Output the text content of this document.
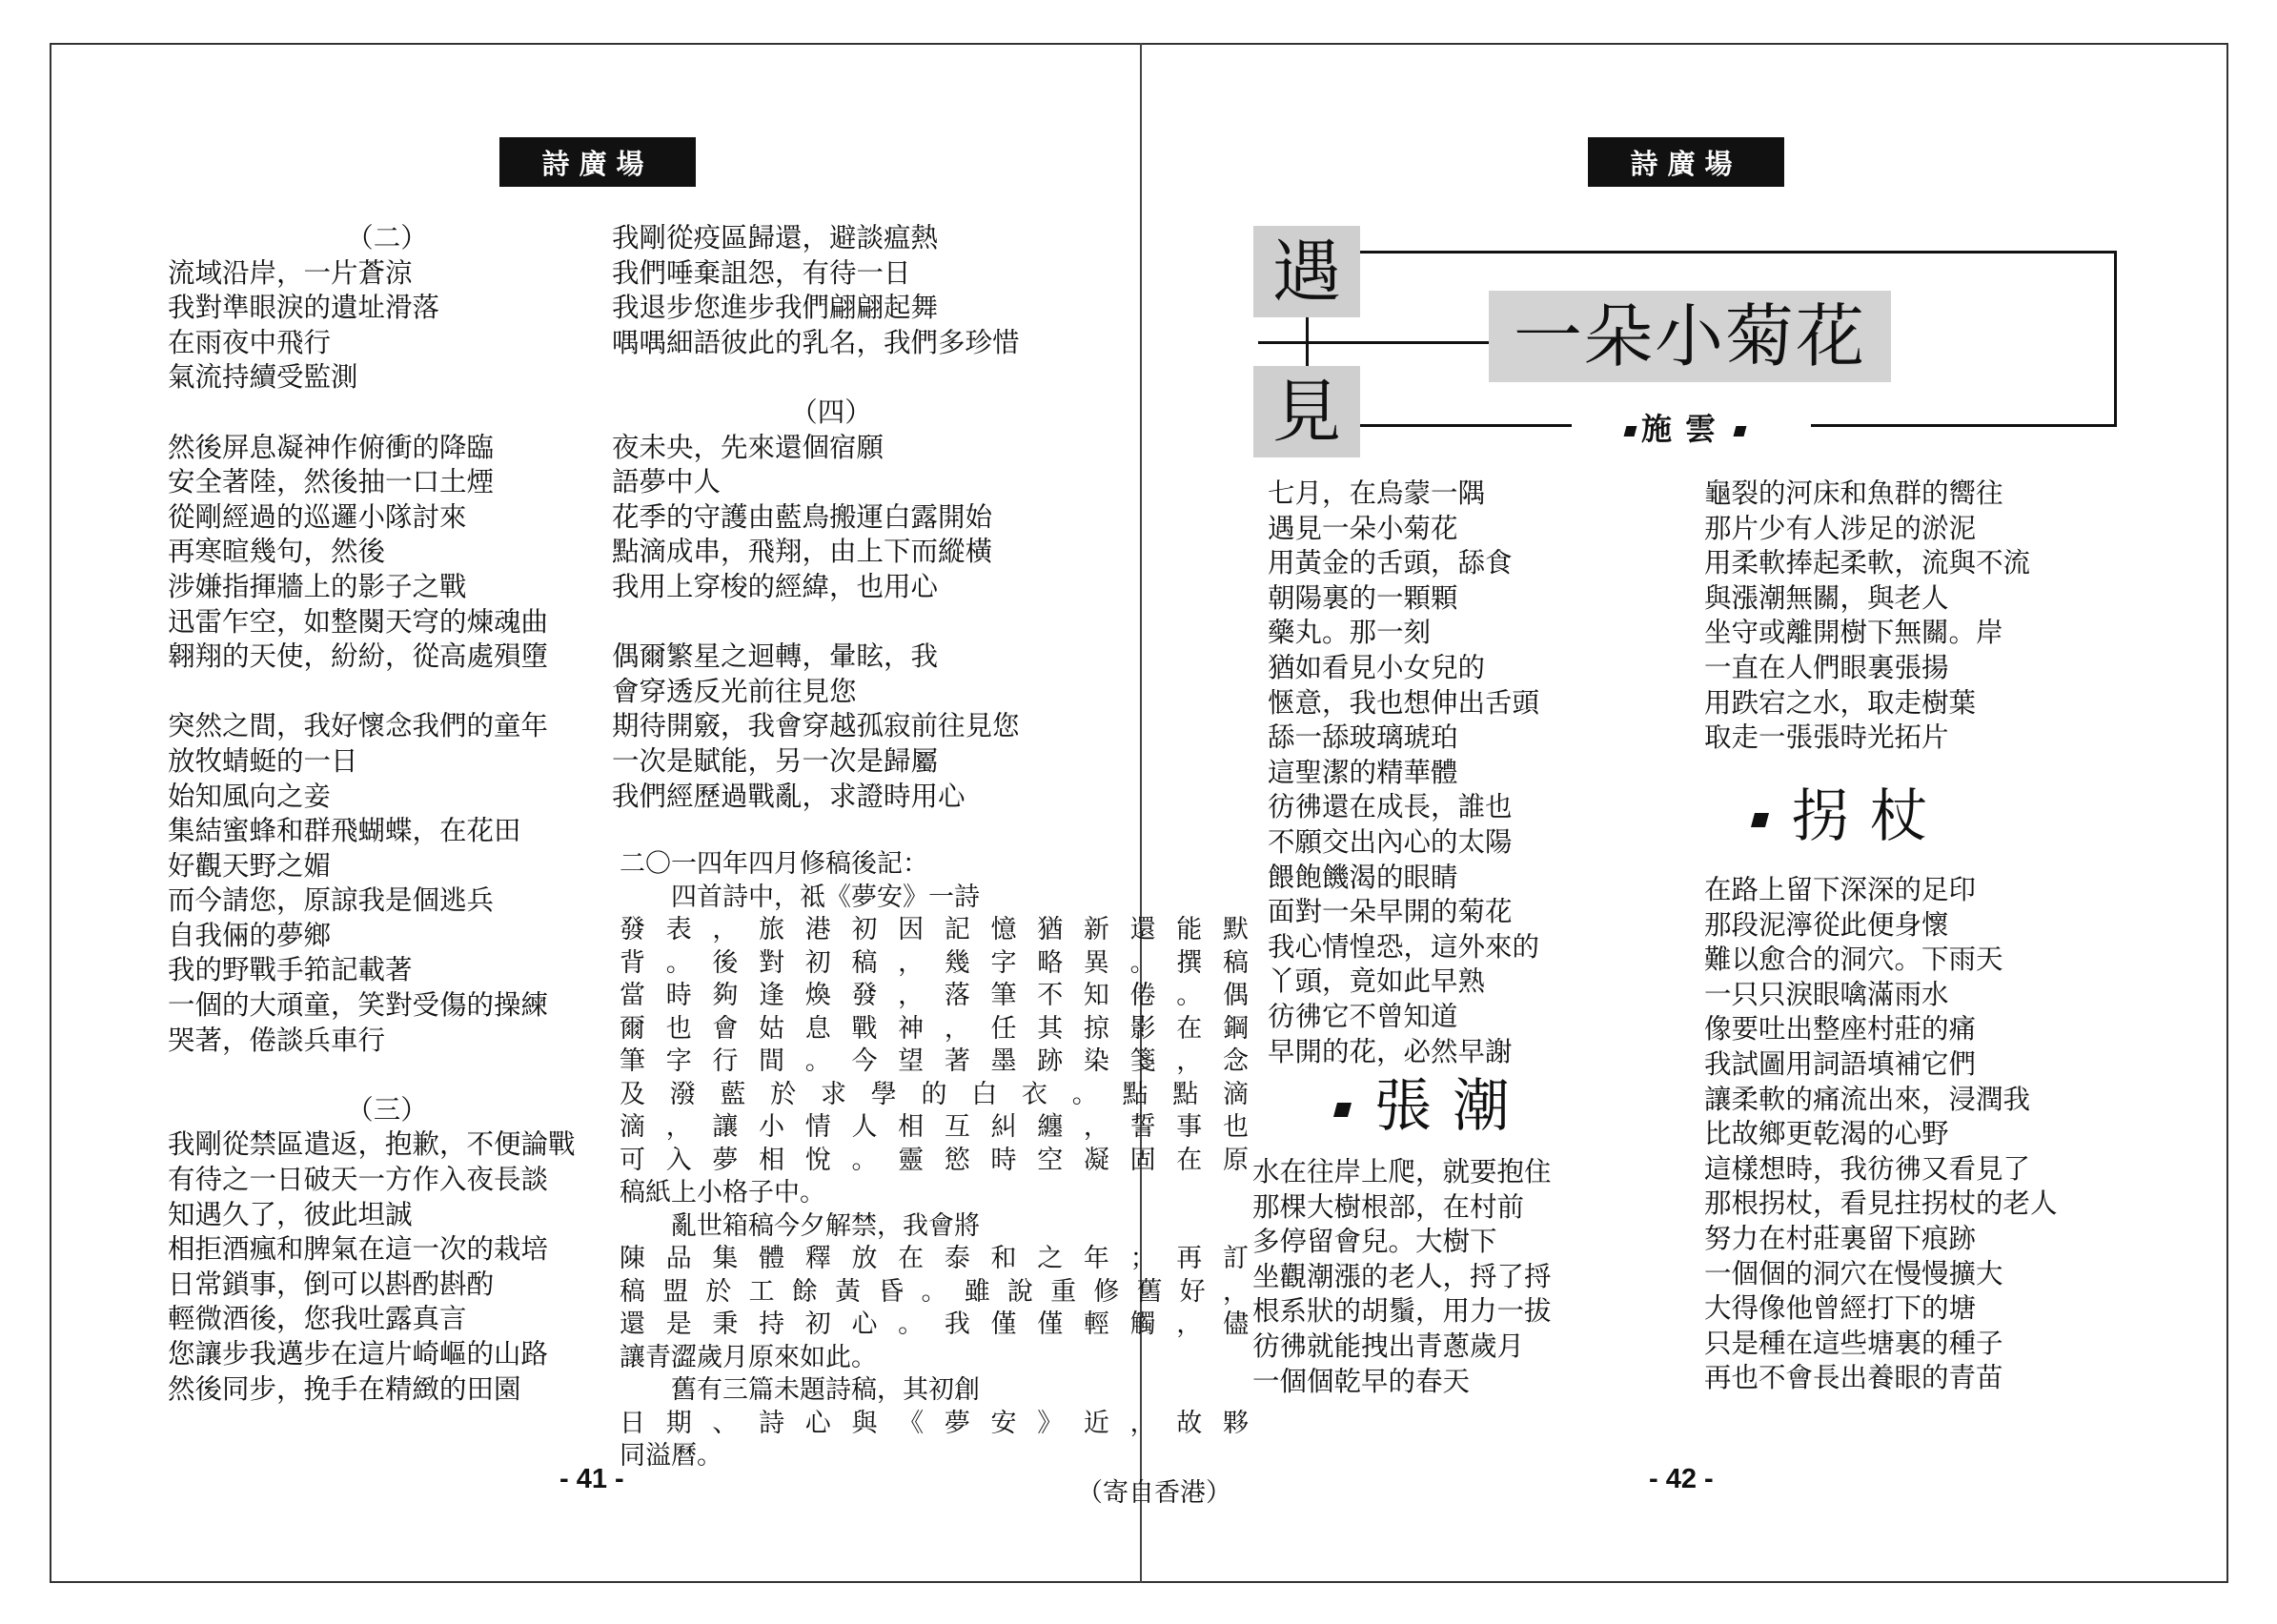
詩廣場	詩廣場
（二）
流域沿岸，一片蒼涼
我對準眼淚的遺址滑落
在雨夜中飛行
氣流持續受監測
然後屏息凝神作俯衝的降臨
安全著陸，然後抽一口土煙
從剛經過的巡邏小隊討來
再寒暄幾句，然後
涉嫌指揮牆上的影子之戰
迅雷乍空，如整闋天穹的煉魂曲
翱翔的天使，紛紛，從高處殞墮
突然之間，我好懷念我們的童年
放牧蜻蜓的一日
始知風向之妾
集結蜜蜂和群飛蝴蝶，在花田
好觀天野之媚
而今請您，原諒我是個逃兵
自我倆的夢鄉
我的野戰手筘記載著
一個的大頑童，笑對受傷的操練
哭著，倦談兵車行
（三）
我剛從禁區遣返，抱歉，不便論戰
有待之一日破天一方作入夜長談
知遇久了，彼此坦誠
相拒酒瘋和脾氣在這一次的栽培
日常鎖事，倒可以斟酌斟酌
輕微酒後，您我吐露真言
您讓步我邁步在這片崎嶇的山路
然後同步，挽手在精緻的田園
我剛從疫區歸還，避談瘟熱
我們唾棄詛怨，有待一日
我退步您進步我們翩翩起舞
喁喁細語彼此的乳名，我們多珍惜
（四）
夜未央，先來還個宿願
語夢中人
花季的守護由藍鳥搬運白露開始
點滴成串，飛翔，由上下而縱橫
我用上穿梭的經緯，也用心
偶爾繁星之迴轉，暈眩，我
會穿透反光前往見您
期待開竅，我會穿越孤寂前往見您
一次是賦能，另一次是歸屬
我們經歷過戰亂，求證時用心
二〇一四年四月修稿後記：
四首詩中，祗《夢安》一詩
發表，旅港初因記憶猶新還能默
背。後對初稿，幾字略異。撰稿
當時夠逢煥發，落筆不知倦。偶
爾也會姑息戰神，任其掠影在鋼
筆字行間。今望著墨跡染箋，念
及 潑 藍 於 求 學 的 白 衣 。 點 點 滴
滴，讓小情人相互糾纏，誓事也
可入夢相悅。靈慾時空凝固在原
稿紙上小格子中。
亂世箱稿今夕解禁，我會將
陳品集體釋放在泰和之年；再訂
稿盟於工餘黃昏。雖說重修舊好，
還是秉持初心。我僅僅輕觸，儘
讓青澀歲月原來如此。
舊有三篇未題詩稿，其初創
日期、詩心與《夢安》近，故夥
同溢曆。
（寄自香港）
- 41 -
遇
見
一朵小菊花
施雲
七月，在烏蒙一隅
遇見一朵小菊花
用黃金的舌頭，舔食
朝陽裏的一顆顆
藥丸。那一刻
猶如看見小女兒的
愜意，我也想伸出舌頭
舔一舔玻璃琥珀
這聖潔的精華體
彷彿還在成長，誰也
不願交出內心的太陽
餵飽饑渴的眼睛
面對一朵早開的菊花
我心情惶恐，這外來的
丫頭，竟如此早熟
彷彿它不曾知道
早開的花，必然早謝
張潮
水在往岸上爬，就要抱住
那棵大樹根部，在村前
多停留會兒。大樹下
坐觀潮漲的老人，捋了捋
根系狀的胡鬚，用力一拔
彷彿就能拽出青蔥歲月
一個個乾早的春天
龜裂的河床和魚群的嚮往
那片少有人涉足的淤泥
用柔軟捧起柔軟，流與不流
與漲潮無關，與老人
坐守或離開樹下無關。岸
一直在人們眼裏張揚
用跌宕之水，取走樹葉
取走一張張時光拓片
拐杖
在路上留下深深的足印
那段泥濘從此便身懷
難以愈合的洞穴。下雨天
一只只淚眼噙滿雨水
像要吐出整座村莊的痛
我試圖用詞語填補它們
讓柔軟的痛流出來，浸潤我
比故鄉更乾渴的心野
這樣想時，我彷彿又看見了
那根拐杖，看見拄拐杖的老人
努力在村莊裏留下痕跡
一個個的洞穴在慢慢擴大
大得像他曾經打下的塘
只是種在這些塘裏的種子
再也不會長出養眼的青苗
- 42 -
